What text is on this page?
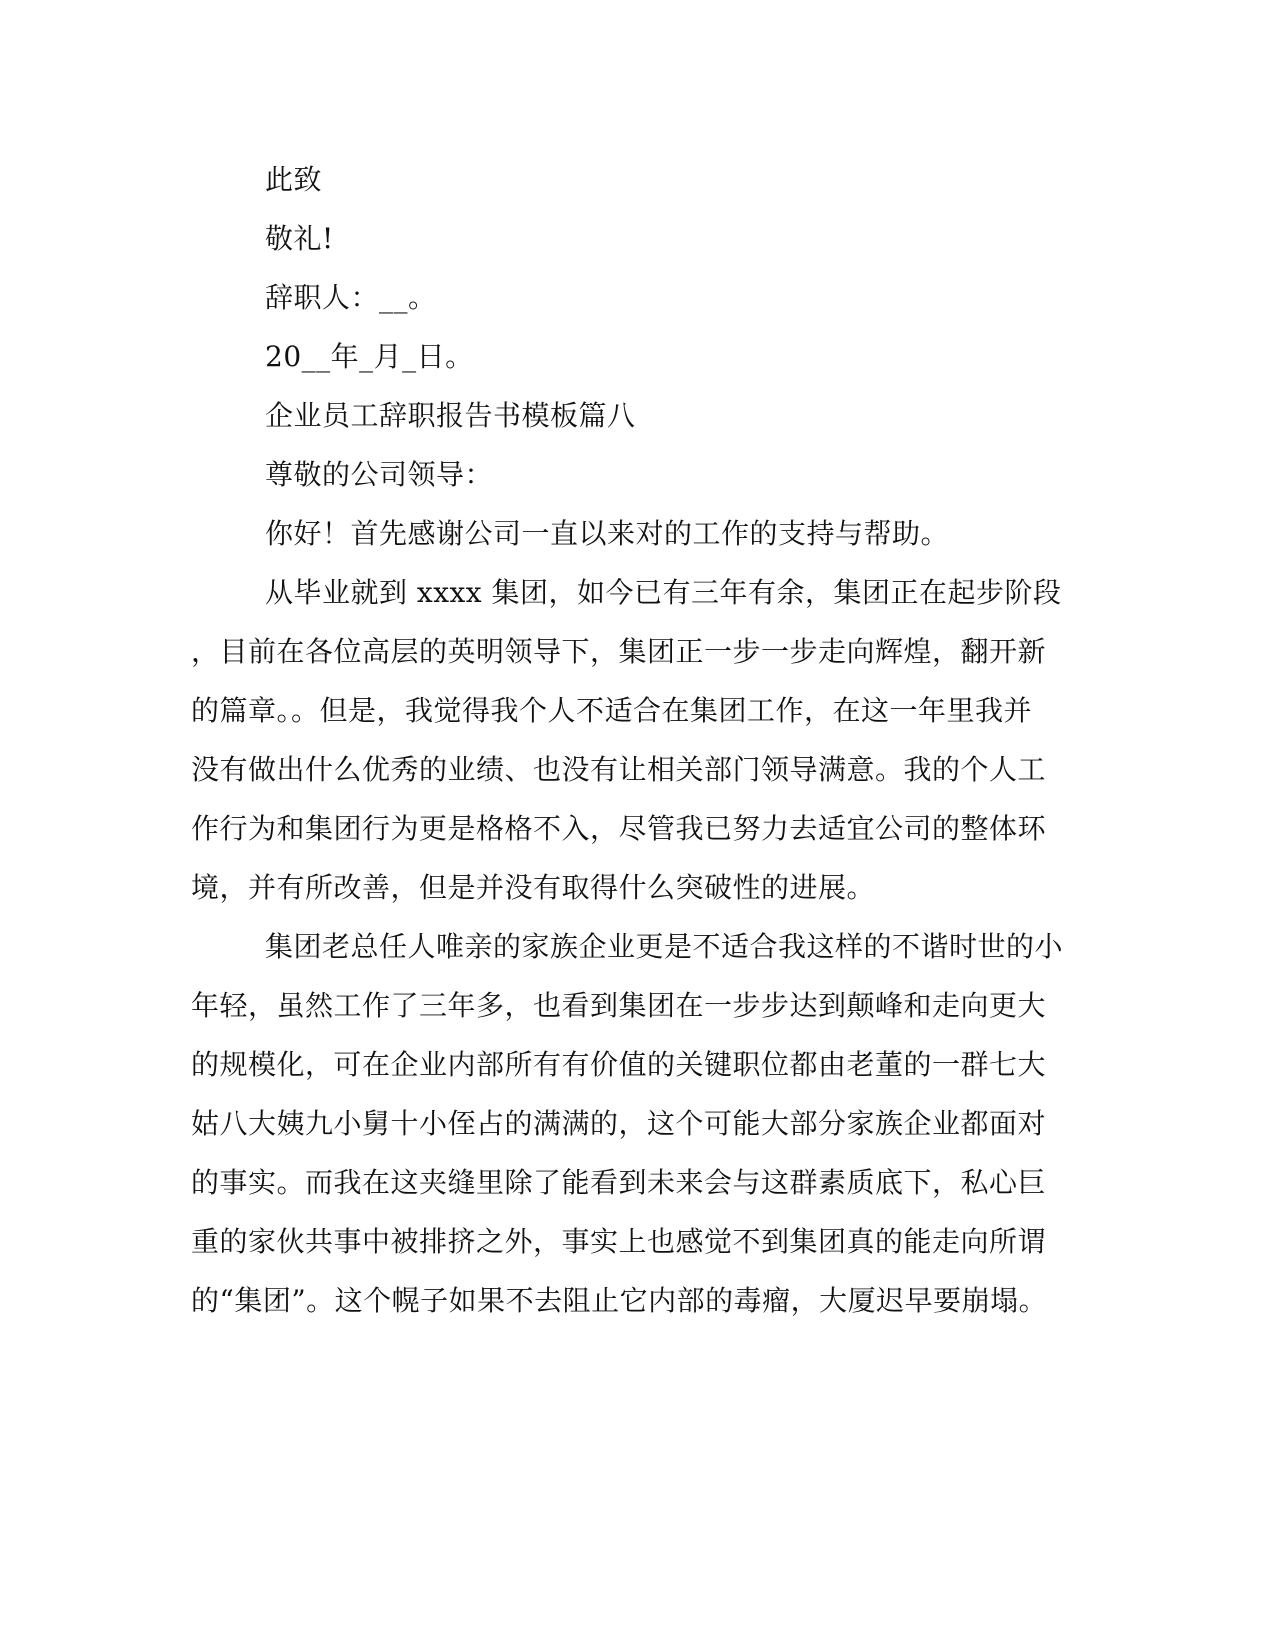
此致

敬礼!

辞职人：__。

20__年_月_日。

企业员工辞职报告书模板篇八

尊敬的公司领导：

你好！首先感谢公司一直以来对的工作的支持与帮助。

从毕业就到 xxxx 集团，如今已有三年有余，集团正在起步阶段

，目前在各位高层的英明领导下，集团正一步一步走向辉煌，翻开新

的篇章。。但是，我觉得我个人不适合在集团工作，在这一年里我并

没有做出什么优秀的业绩、也没有让相关部门领导满意。我的个人工

作行为和集团行为更是格格不入，尽管我已努力去适宜公司的整体环

境，并有所改善，但是并没有取得什么突破性的进展。

集团老总任人唯亲的家族企业更是不适合我这样的不谐时世的小

年轻，虽然工作了三年多，也看到集团在一步步达到颠峰和走向更大

的规模化，可在企业内部所有有价值的关键职位都由老董的一群七大

姑八大姨九小舅十小侄占的满满的，这个可能大部分家族企业都面对

的事实。而我在这夹缝里除了能看到未来会与这群素质底下，私心巨

重的家伙共事中被排挤之外，事实上也感觉不到集团真的能走向所谓

的“集团”。这个幌子如果不去阻止它内部的毒瘤，大厦迟早要崩塌。
